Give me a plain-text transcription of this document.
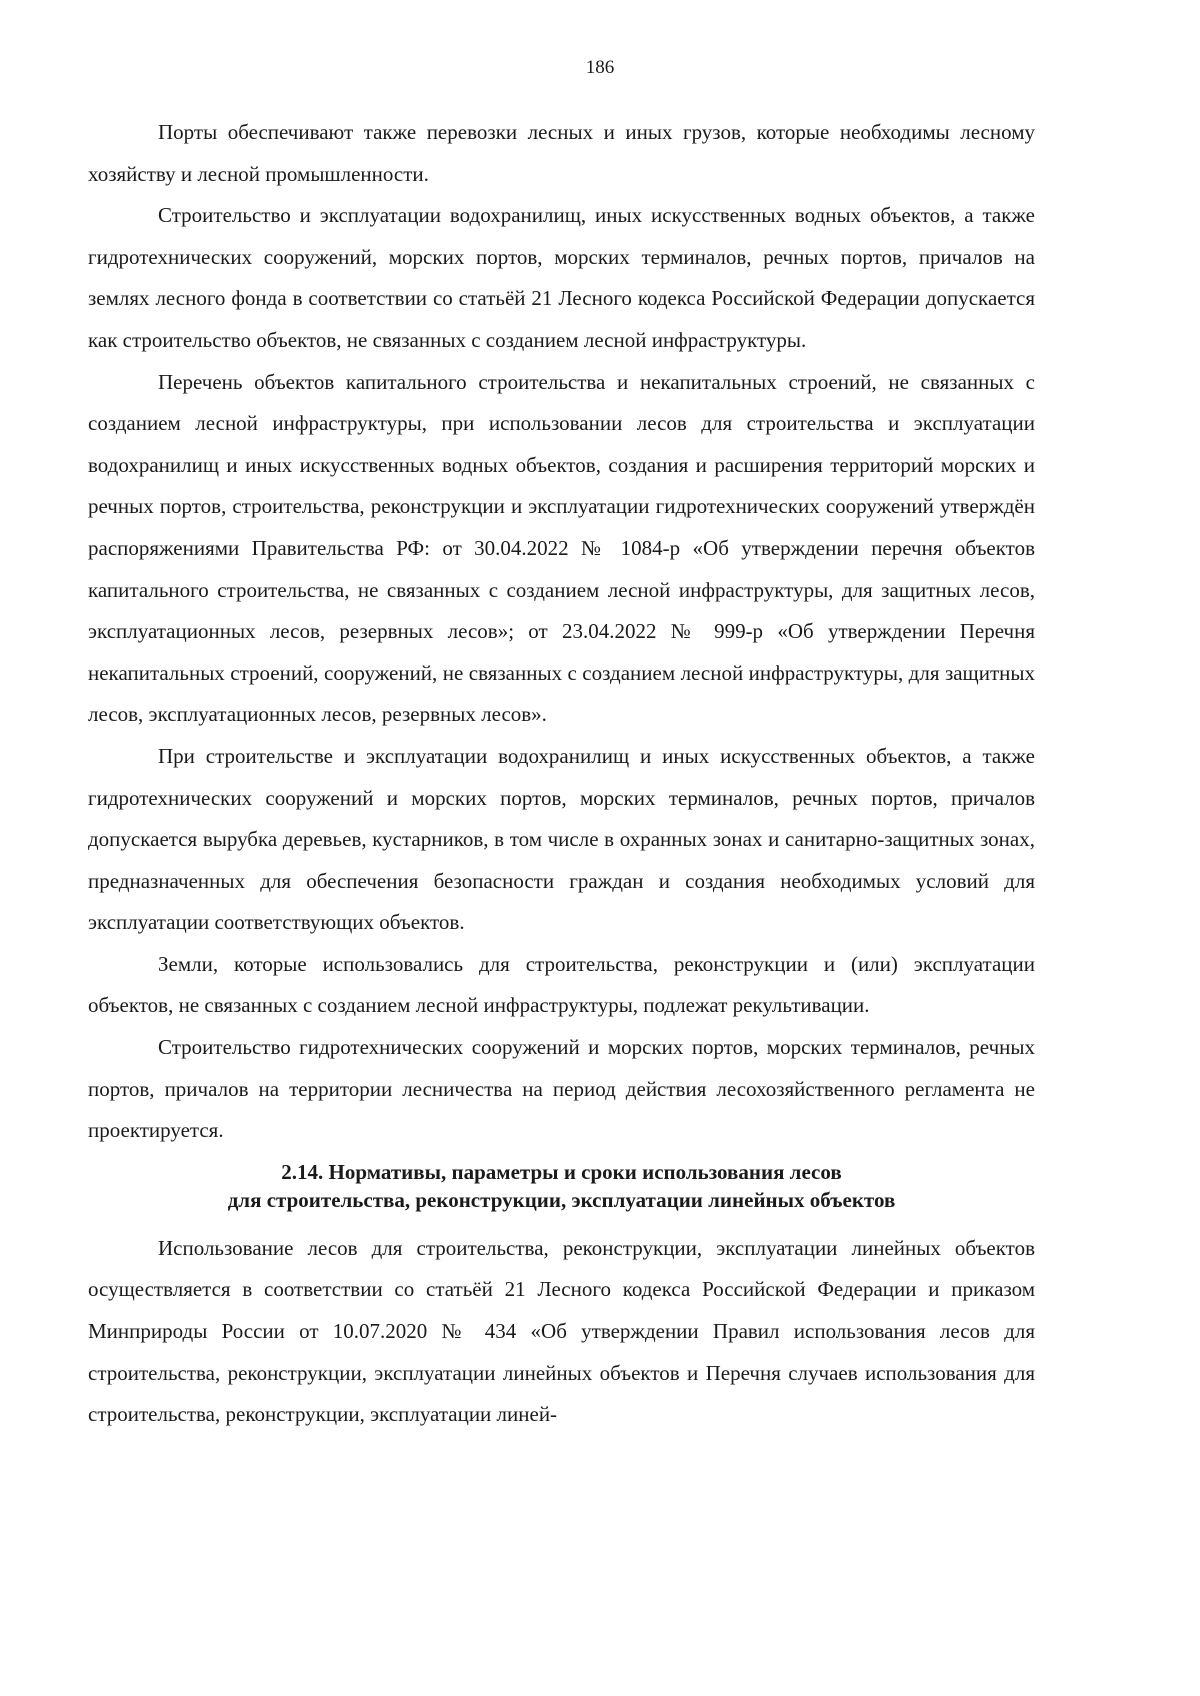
186

Порты обеспечивают также перевозки лесных и иных грузов, которые необходимы лесному хозяйству и лесной промышленности.

Строительство и эксплуатации водохранилищ, иных искусственных водных объектов, а также гидротехнических сооружений, морских портов, морских терминалов, речных портов, причалов на землях лесного фонда в соответствии со статьёй 21 Лесного кодекса Российской Федерации допускается как строительство объектов, не связанных с созданием лесной инфраструктуры.

Перечень объектов капитального строительства и некапитальных строений, не связанных с созданием лесной инфраструктуры, при использовании лесов для строительства и эксплуатации водохранилищ и иных искусственных водных объектов, создания и расширения территорий морских и речных портов, строительства, реконструкции и эксплуатации гидротехнических сооружений утверждён распоряжениями Правительства РФ: от 30.04.2022 № 1084-р «Об утверждении перечня объектов капитального строительства, не связанных с созданием лесной инфраструктуры, для защитных лесов, эксплуатационных лесов, резервных лесов»; от 23.04.2022 № 999-р «Об утверждении Перечня некапитальных строений, сооружений, не связанных с созданием лесной инфраструктуры, для защитных лесов, эксплуатационных лесов, резервных лесов».

При строительстве и эксплуатации водохранилищ и иных искусственных объектов, а также гидротехнических сооружений и морских портов, морских терминалов, речных портов, причалов допускается вырубка деревьев, кустарников, в том числе в охранных зонах и санитарно-защитных зонах, предназначенных для обеспечения безопасности граждан и создания необходимых условий для эксплуатации соответствующих объектов.

Земли, которые использовались для строительства, реконструкции и (или) эксплуатации объектов, не связанных с созданием лесной инфраструктуры, подлежат рекультивации.

Строительство гидротехнических сооружений и морских портов, морских терминалов, речных портов, причалов на территории лесничества на период действия лесохозяйственного регламента не проектируется.

2.14. Нормативы, параметры и сроки использования лесов
для строительства, реконструкции, эксплуатации линейных объектов

Использование лесов для строительства, реконструкции, эксплуатации линейных объектов осуществляется в соответствии со статьёй 21 Лесного кодекса Российской Федерации и приказом Минприроды России от 10.07.2020 № 434 «Об утверждении Правил использования лесов для строительства, реконструкции, эксплуатации линейных объектов и Перечня случаев использования для строительства, реконструкции, эксплуатации линей-
